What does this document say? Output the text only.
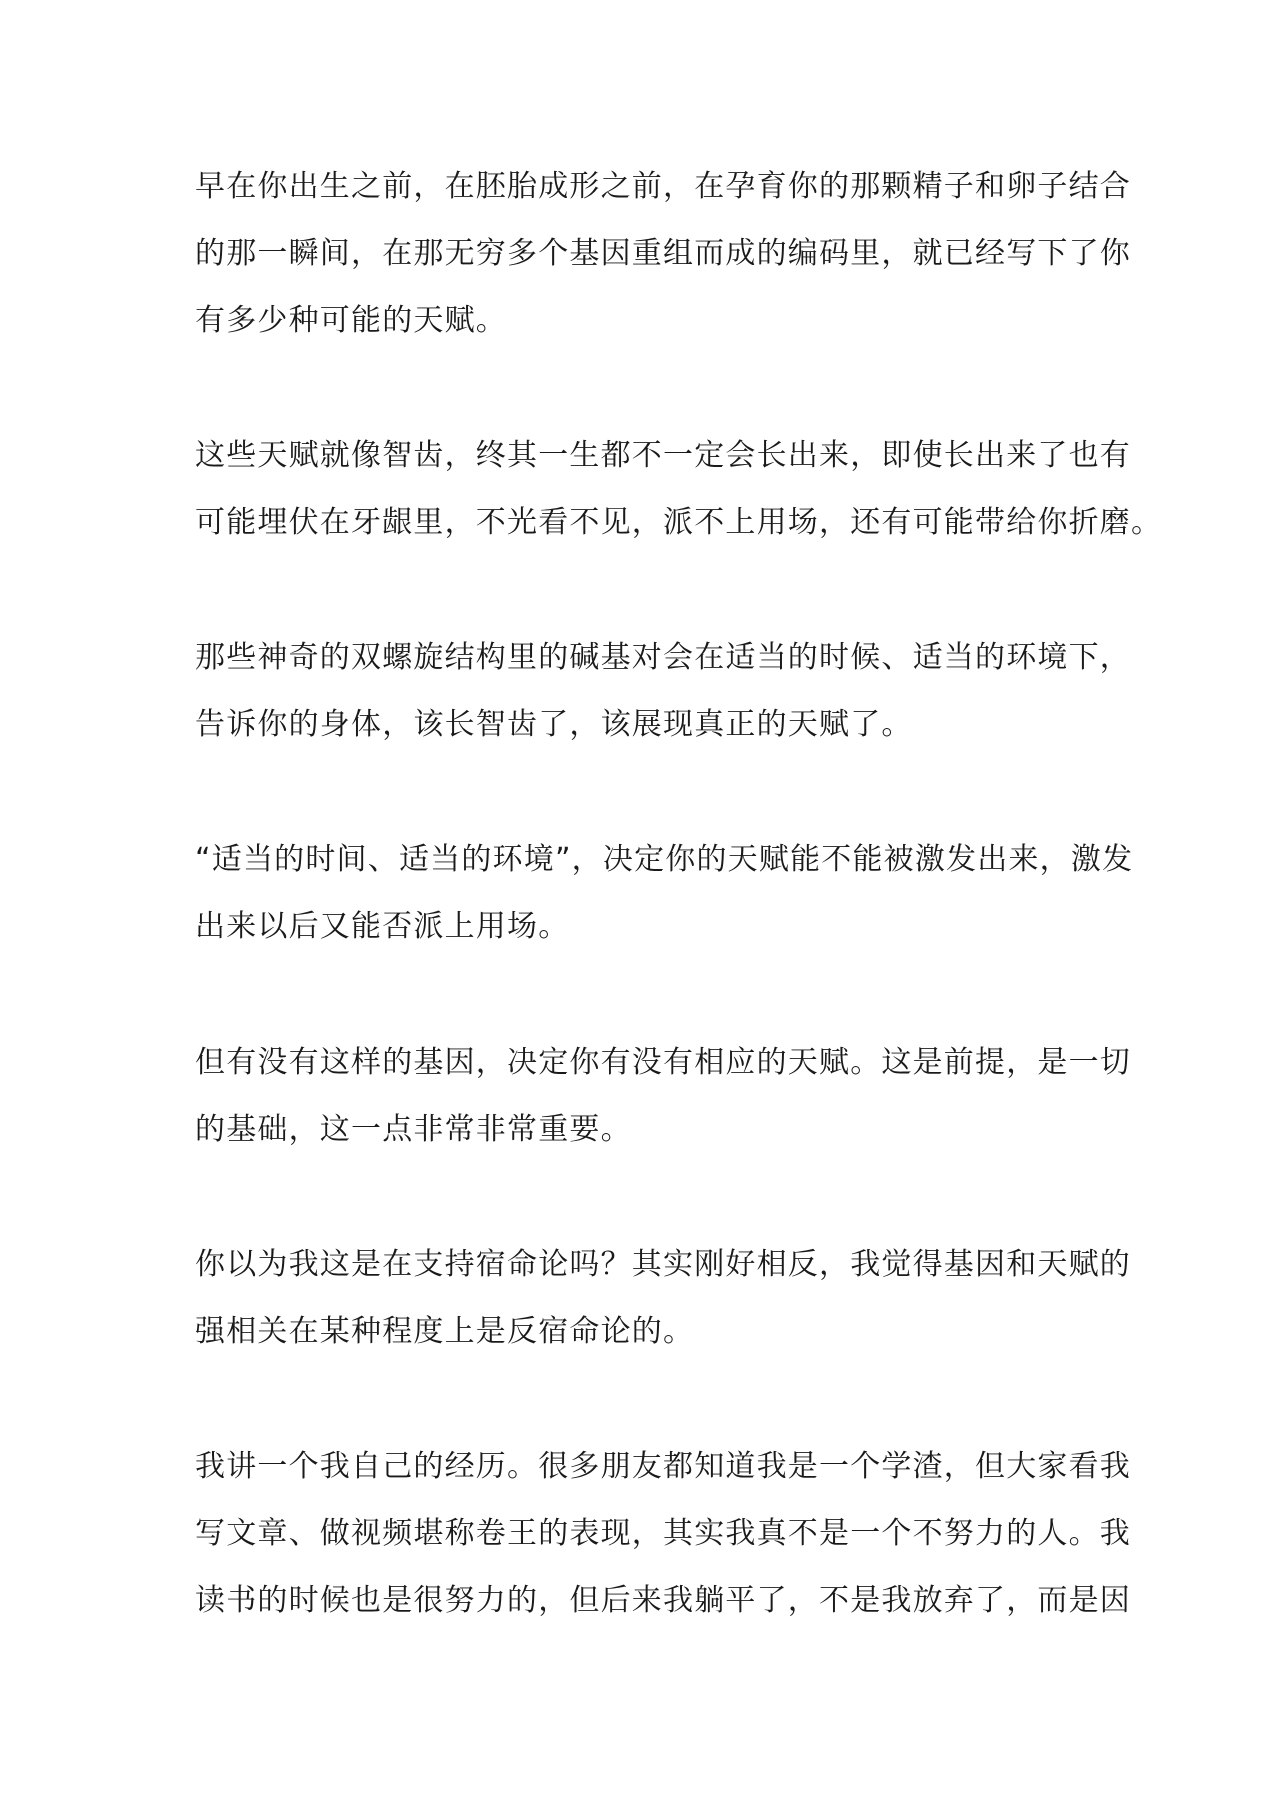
早在你出生之前，在胚胎成形之前，在孕育你的那颗精子和卵子结合
的那一瞬间，在那无穷多个基因重组而成的编码里，就已经写下了你
有多少种可能的天赋。
这些天赋就像智齿，终其一生都不一定会长出来，即使长出来了也有
可能埋伏在牙龈里，不光看不见，派不上用场，还有可能带给你折磨。
那些神奇的双螺旋结构里的碱基对会在适当的时候、适当的环境下，
告诉你的身体，该长智齿了，该展现真正的天赋了。
“适当的时间、适当的环境”，决定你的天赋能不能被激发出来，激发
出来以后又能否派上用场。
但有没有这样的基因，决定你有没有相应的天赋。这是前提，是一切
的基础，这一点非常非常重要。
你以为我这是在支持宿命论吗？其实刚好相反，我觉得基因和天赋的
强相关在某种程度上是反宿命论的。
我讲一个我自己的经历。很多朋友都知道我是一个学渣，但大家看我
写文章、做视频堪称卷王的表现，其实我真不是一个不努力的人。我
读书的时候也是很努力的，但后来我躺平了，不是我放弃了，而是因
